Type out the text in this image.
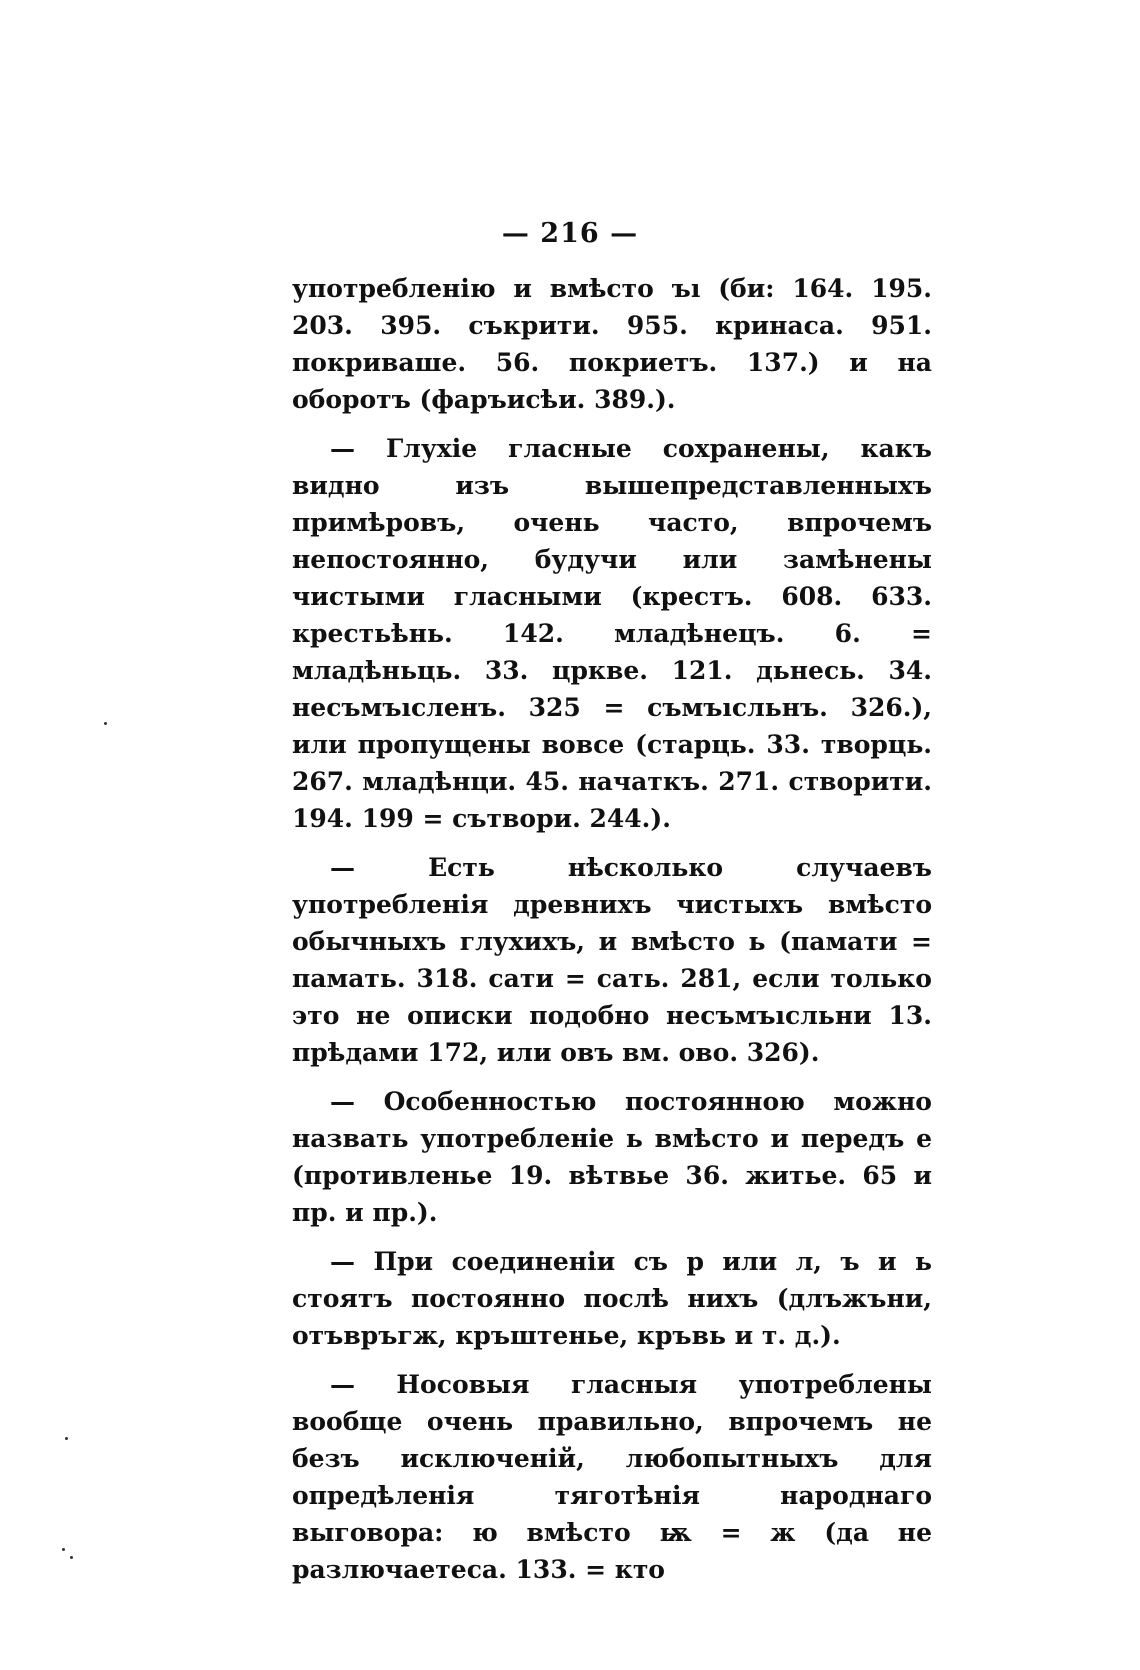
— 216 —

употребленію и вмѣсто ъı (би: 164. 195. 203. 395. съкрити. 955. кринаса. 951. покриваше. 56. покриетъ. 137.) и на оборотъ (фаръисѣи. 389.).

— Глухіе гласные сохранены, какъ видно изъ вышепредставленныхъ примѣровъ, очень часто, впрочемъ непостоянно, будучи или замѣнены чистыми гласными (крестъ. 608. 633. крестьѣнь. 142. младѣнецъ. 6. = младѣньць. 33. црквe. 121. дьнесь. 34. несъмъıслeнъ. 325 = съмъıсльнъ. 326.), или пропущены вовсе (старць. 33. творць. 267. младѣнци. 45. начаткъ. 271. створити. 194. 199 = сътвори. 244.).

— Есть нѣсколько случаевъ употребленія древнихъ чистыхъ вмѣсто обычныхъ глухихъ, и вмѣсто ь (памати = памать. 318. сати = сать. 281, если только это не описки подобно несъмъıсльни 13. прѣдами 172, или овъ вм. ово. 326).

— Особенностью постоянною можно назвать употребленіе ь вмѣсто и передъ е (противленье 19. вѣтвье 36. житье. 65 и пр. и пр.).

— При соединеніи съ р или л, ъ и ь стоятъ постоянно послѣ нихъ (длъжъни, отъвръгж, кръштенье, кръвь и т. д.).

— Носовыя гласныя употреблены вообще очень правильно, впрочемъ не безъ исключеній, любопытныхъ для опредѣленія тяготѣнія народнаго выговора: ю вмѣсто ѭ = ж (да не разлючаетеса. 133. = кто
